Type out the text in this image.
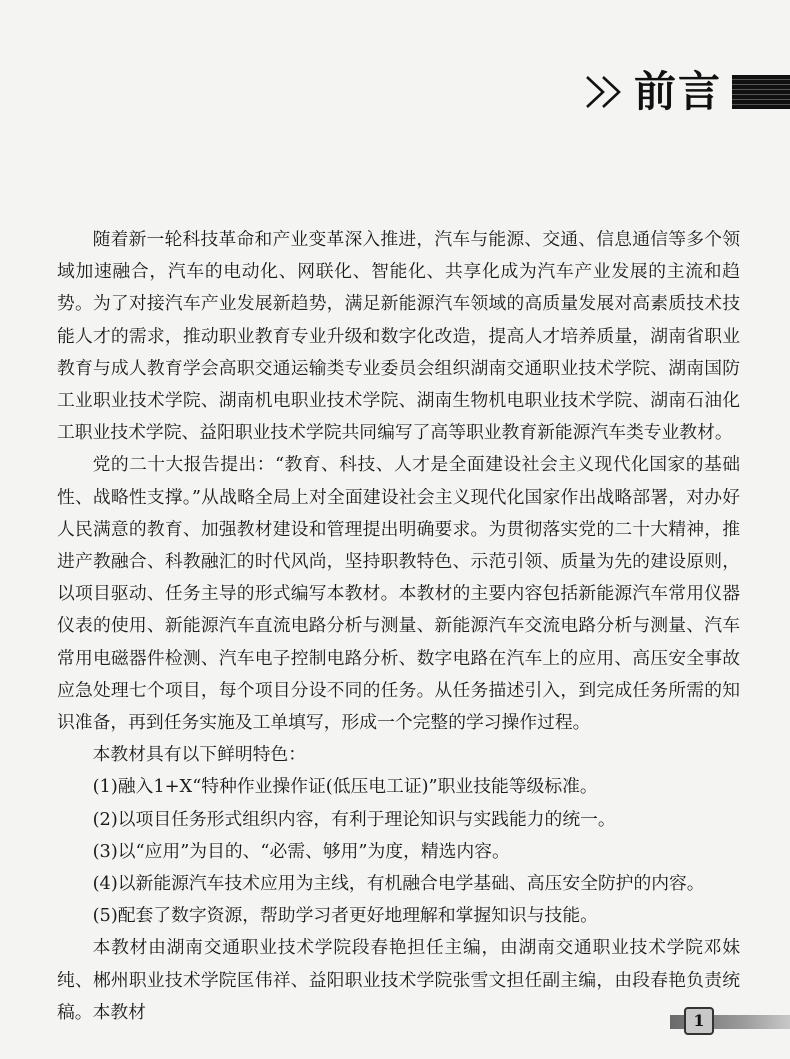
前言

随着新一轮科技革命和产业变革深入推进，汽车与能源、交通、信息通信等多个领域加速融合，汽车的电动化、网联化、智能化、共享化成为汽车产业发展的主流和趋势。为了对接汽车产业发展新趋势，满足新能源汽车领域的高质量发展对高素质技术技能人才的需求，推动职业教育专业升级和数字化改造，提高人才培养质量，湖南省职业教育与成人教育学会高职交通运输类专业委员会组织湖南交通职业技术学院、湖南国防工业职业技术学院、湖南机电职业技术学院、湖南生物机电职业技术学院、湖南石油化工职业技术学院、益阳职业技术学院共同编写了高等职业教育新能源汽车类专业教材。

党的二十大报告提出：“教育、科技、人才是全面建设社会主义现代化国家的基础性、战略性支撑。”从战略全局上对全面建设社会主义现代化国家作出战略部署，对办好人民满意的教育、加强教材建设和管理提出明确要求。为贯彻落实党的二十大精神，推进产教融合、科教融汇的时代风尚，坚持职教特色、示范引领、质量为先的建设原则，以项目驱动、任务主导的形式编写本教材。本教材的主要内容包括新能源汽车常用仪器仪表的使用、新能源汽车直流电路分析与测量、新能源汽车交流电路分析与测量、汽车常用电磁器件检测、汽车电子控制电路分析、数字电路在汽车上的应用、高压安全事故应急处理七个项目，每个项目分设不同的任务。从任务描述引入，到完成任务所需的知识准备，再到任务实施及工单填写，形成一个完整的学习操作过程。

本教材具有以下鲜明特色：

(1)融入1+X“特种作业操作证(低压电工证)”职业技能等级标准。

(2)以项目任务形式组织内容，有利于理论知识与实践能力的统一。

(3)以“应用”为目的、“必需、够用”为度，精选内容。

(4)以新能源汽车技术应用为主线，有机融合电学基础、高压安全防护的内容。

(5)配套了数字资源，帮助学习者更好地理解和掌握知识与技能。

本教材由湖南交通职业技术学院段春艳担任主编，由湖南交通职业技术学院邓妹纯、郴州职业技术学院匡伟祥、益阳职业技术学院张雪文担任副主编，由段春艳负责统稿。本教材	1
